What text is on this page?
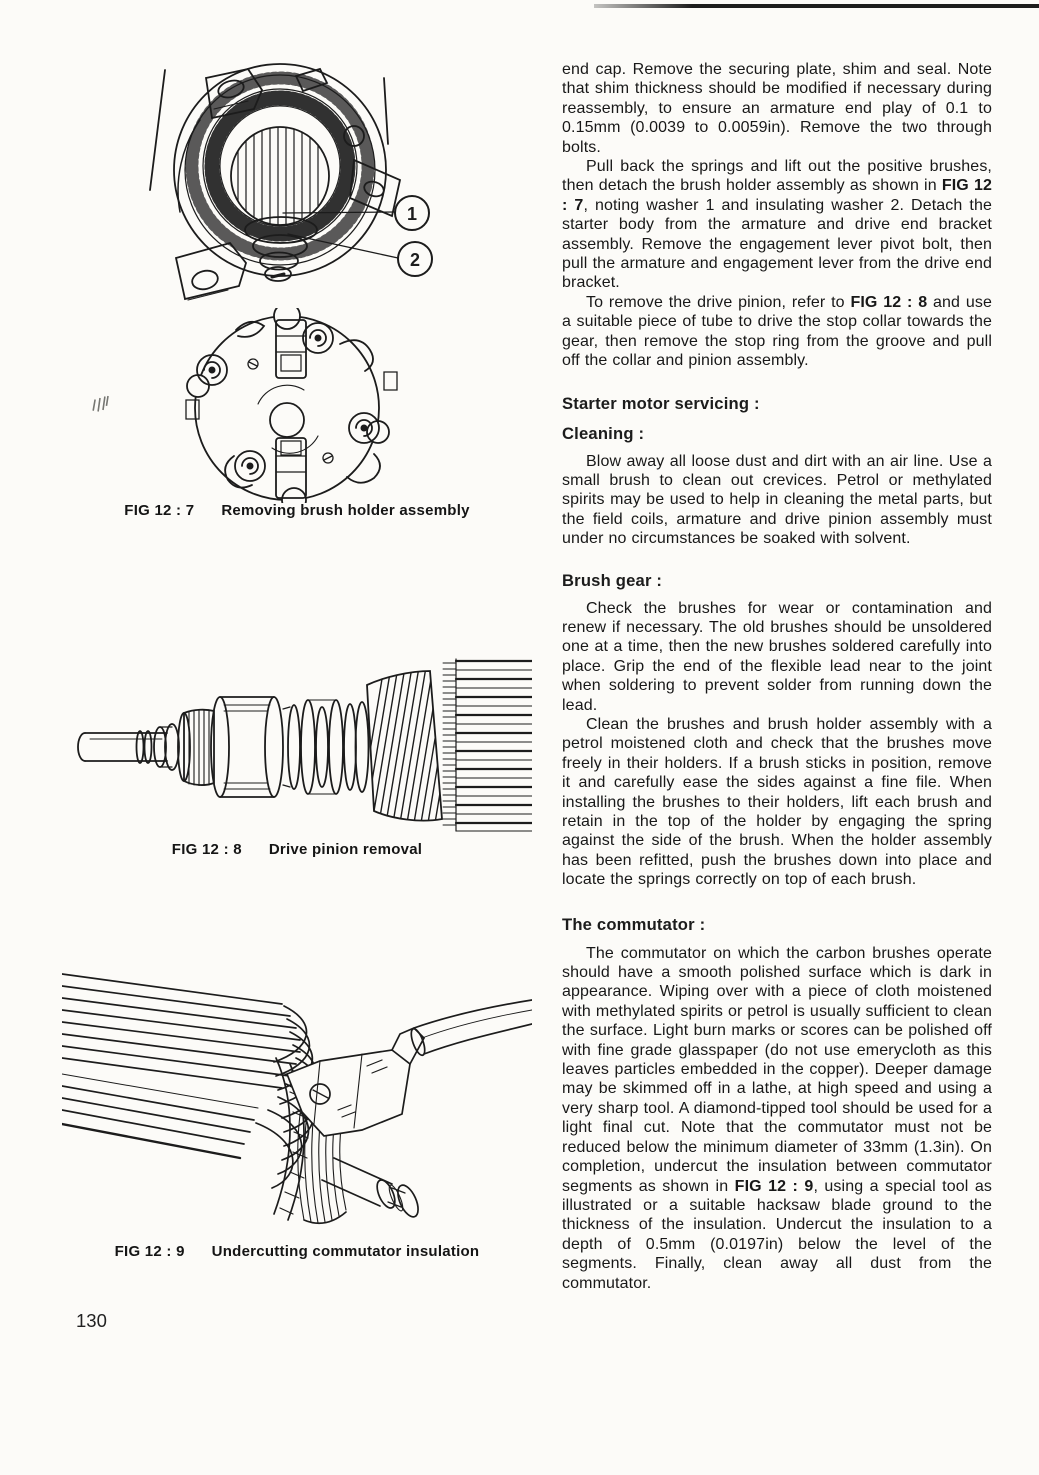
1
2
FIG 12 : 7 Removing brush holder assembly
FIG 12 : 8 Drive pinion removal
FIG 12 : 9 Undercutting commutator insulation

end cap. Remove the securing plate, shim and seal. Note that shim thickness should be modified if necessary during reassembly, to ensure an armature end play of 0.1 to 0.15mm (0.0039 to 0.0059in). Remove the two through bolts.

Pull back the springs and lift out the positive brushes, then detach the brush holder assembly as shown in FIG 12 : 7, noting washer 1 and insulating washer 2. Detach the starter body from the armature and drive end bracket assembly. Remove the engagement lever pivot bolt, then pull the armature and engagement lever from the drive end bracket.

To remove the drive pinion, refer to FIG 12 : 8 and use a suitable piece of tube to drive the stop collar towards the gear, then remove the stop ring from the groove and pull off the collar and pinion assembly.

Starter motor servicing :
Cleaning :

Blow away all loose dust and dirt with an air line. Use a small brush to clean out crevices. Petrol or methylated spirits may be used to help in cleaning the metal parts, but the field coils, armature and drive pinion assembly must under no circumstances be soaked with solvent.

Brush gear :

Check the brushes for wear or contamination and renew if necessary. The old brushes should be unsoldered one at a time, then the new brushes soldered carefully into place. Grip the end of the flexible lead near to the joint when soldering to prevent solder from running down the lead.

Clean the brushes and brush holder assembly with a petrol moistened cloth and check that the brushes move freely in their holders. If a brush sticks in position, remove it and carefully ease the sides against a fine file. When installing the brushes to their holders, lift each brush and retain in the top of the holder by engaging the spring against the side of the brush. When the holder assembly has been refitted, push the brushes down into place and locate the springs correctly on top of each brush.

The commutator :

The commutator on which the carbon brushes operate should have a smooth polished surface which is dark in appearance. Wiping over with a piece of cloth moistened with methylated spirits or petrol is usually sufficient to clean the surface. Light burn marks or scores can be polished off with fine grade glasspaper (do not use emerycloth as this leaves particles embedded in the copper). Deeper damage may be skimmed off in a lathe, at high speed and using a very sharp tool. A diamond-tipped tool should be used for a light final cut. Note that the commutator must not be reduced below the minimum diameter of 33mm (1.3in). On completion, undercut the insulation between commutator segments as shown in FIG 12 : 9, using a special tool as illustrated or a suitable hacksaw blade ground to the thickness of the insulation. Undercut the insulation to a depth of 0.5mm (0.0197in) below the level of the segments. Finally, clean away all dust from the commutator.

130
